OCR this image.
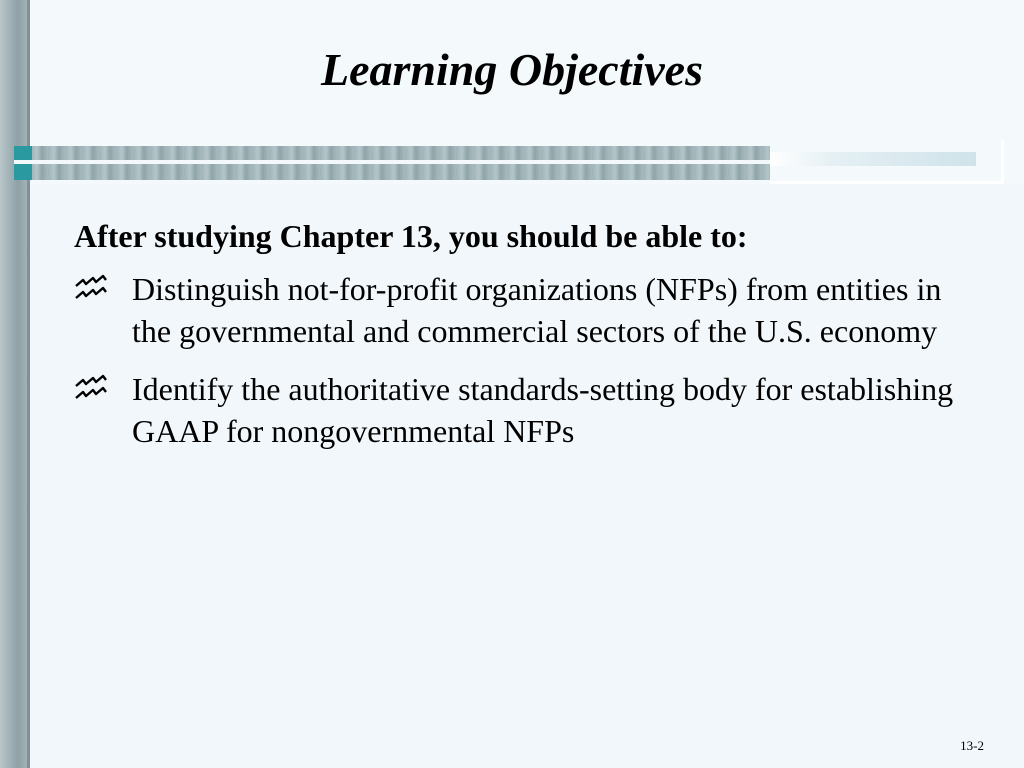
Learning Objectives
After studying Chapter 13, you should be able to:
Distinguish not-for-profit organizations (NFPs) from entities in the governmental and commercial sectors of the U.S. economy
Identify the authoritative standards-setting body for establishing GAAP for nongovernmental NFPs
13-2
